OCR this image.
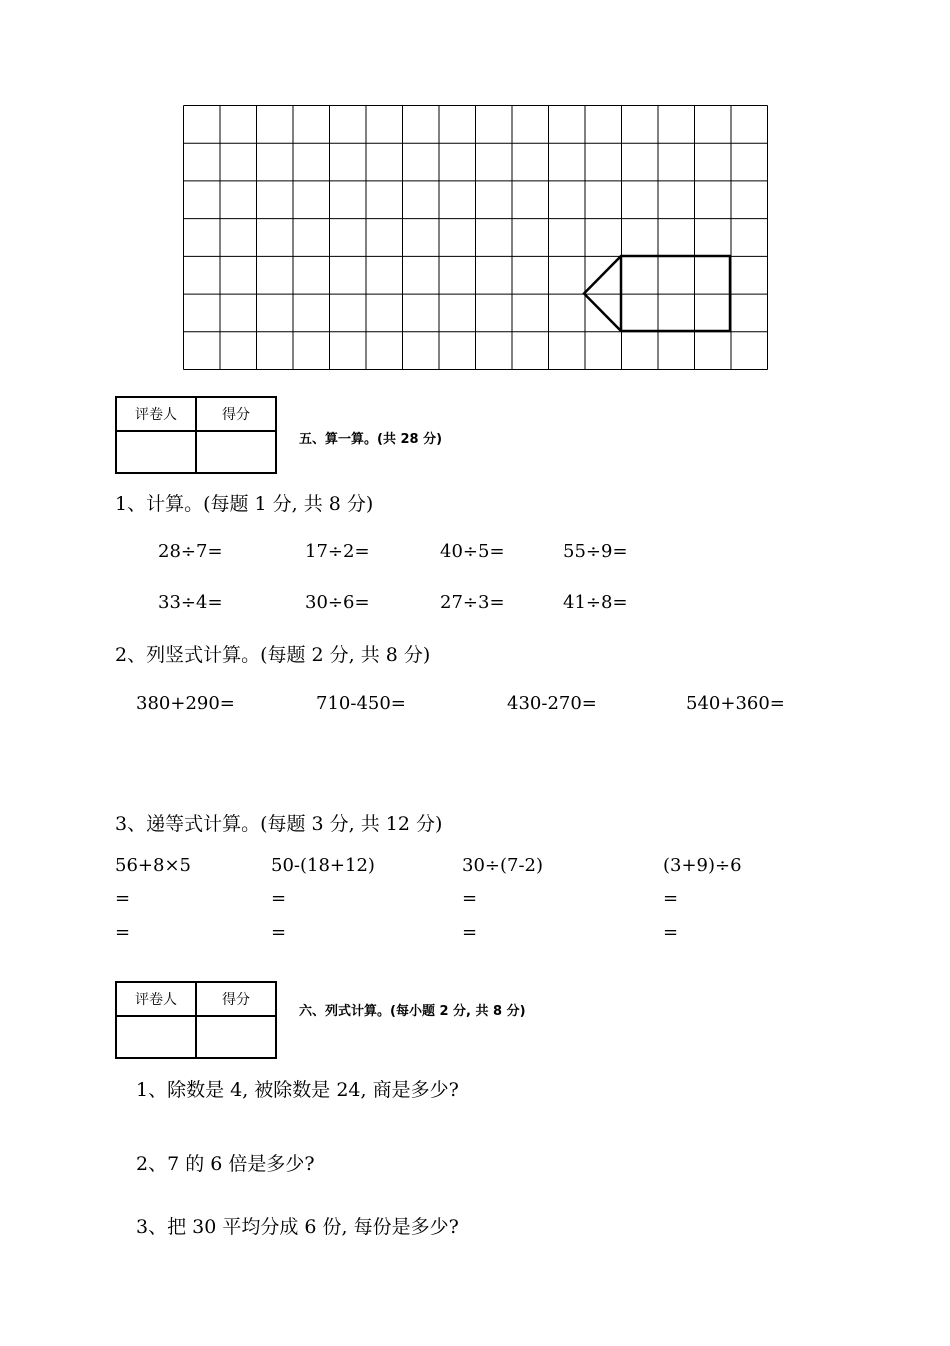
评卷人	得分

五、算一算。(共 28 分)
1、计算。(每题 1 分, 共 8 分)
28÷7=	17÷2=	40÷5=	55÷9=
33÷4=	30÷6=	27÷3=	41÷8=
2、列竖式计算。(每题 2 分, 共 8 分)
380+290=	710-450=	430-270=	540+360=
3、递等式计算。(每题 3 分, 共 12 分)
56+8×5	50-(18+12)	30÷(7-2)	(3+9)÷6
=	=	=	=
=	=	=	=
评卷人	得分

六、列式计算。(每小题 2 分, 共 8 分)
1、除数是 4, 被除数是 24, 商是多少?
2、7 的 6 倍是多少?
3、把 30 平均分成 6 份, 每份是多少?
